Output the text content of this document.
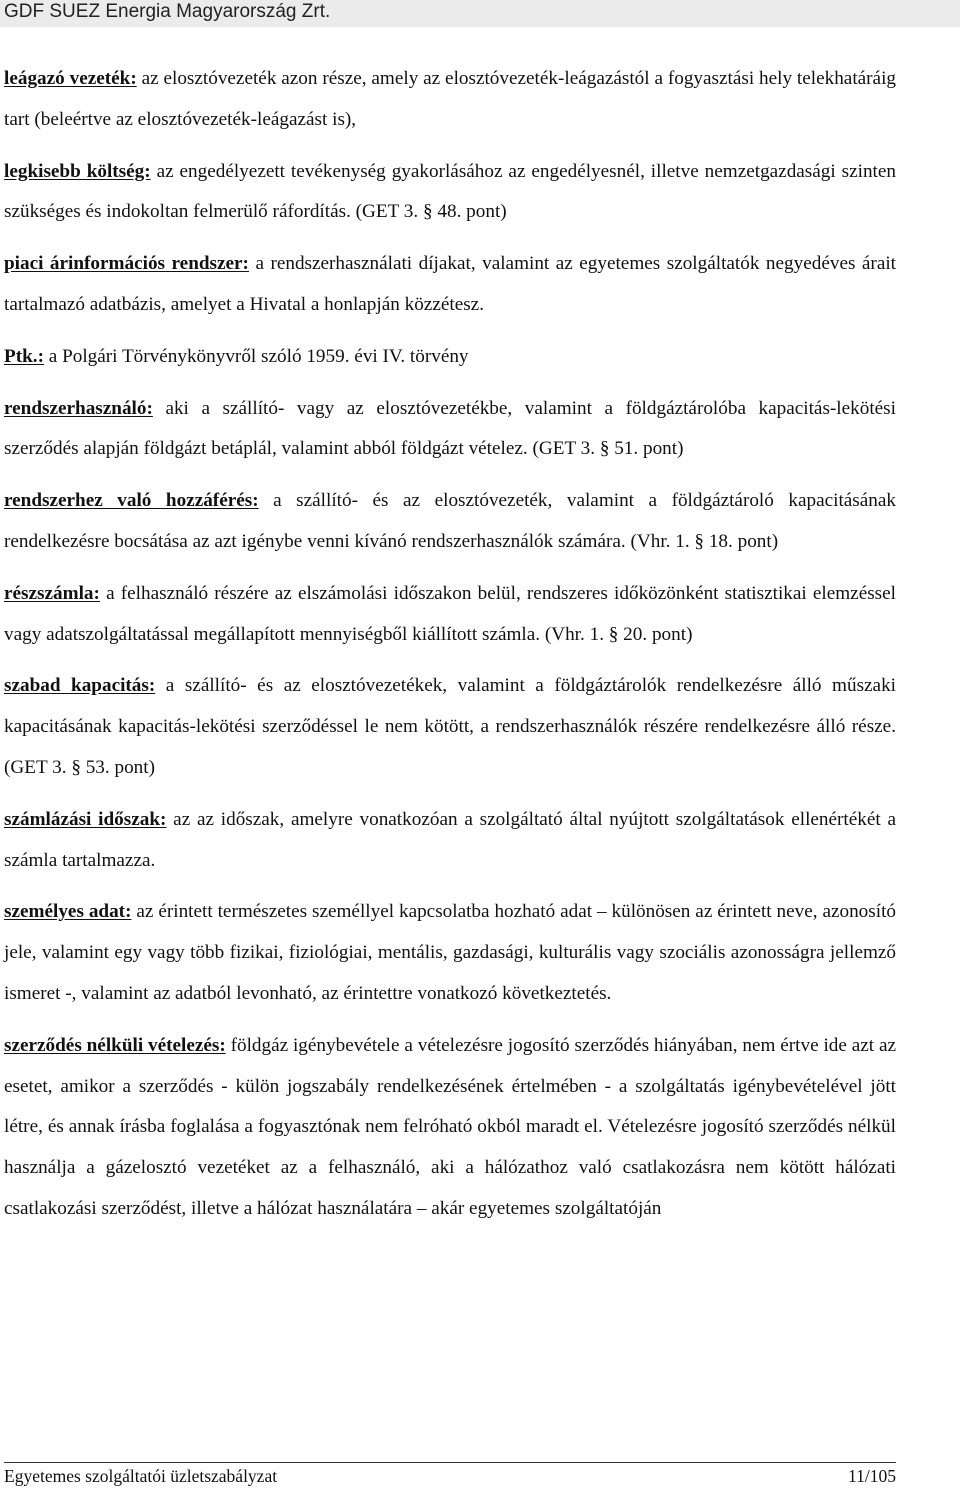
GDF SUEZ Energia Magyarország Zrt.

leágazó vezeték: az elosztóvezeték azon része, amely az elosztóvezeték-leágazástól a fogyasztási hely telekhatáráig tart (beleértve az elosztóvezeték-leágazást is),

legkisebb költség: az engedélyezett tevékenység gyakorlásához az engedélyesnél, illetve nemzetgazdasági szinten szükséges és indokoltan felmerülő ráfordítás. (GET 3. § 48. pont)

piaci árinformációs rendszer: a rendszerhasználati díjakat, valamint az egyetemes szolgáltatók negyedéves árait tartalmazó adatbázis, amelyet a Hivatal a honlapján közzétesz.

Ptk.: a Polgári Törvénykönyvről szóló 1959. évi IV. törvény

rendszerhasználó: aki a szállító- vagy az elosztóvezetékbe, valamint a földgáztárolóba kapacitás-lekötési szerződés alapján földgázt betáplál, valamint abból földgázt vételez. (GET 3. § 51. pont)

rendszerhez való hozzáférés: a szállító- és az elosztóvezeték, valamint a földgáztároló kapacitásának rendelkezésre bocsátása az azt igénybe venni kívánó rendszerhasználók számára. (Vhr. 1. § 18. pont)

részszámla: a felhasználó részére az elszámolási időszakon belül, rendszeres időközönként statisztikai elemzéssel vagy adatszolgáltatással megállapított mennyiségből kiállított számla. (Vhr. 1. § 20. pont)

szabad kapacitás: a szállító- és az elosztóvezetékek, valamint a földgáztárolók rendelkezésre álló műszaki kapacitásának kapacitás-lekötési szerződéssel le nem kötött, a rendszerhasználók részére rendelkezésre álló része. (GET 3. § 53. pont)

számlázási időszak: az az időszak, amelyre vonatkozóan a szolgáltató által nyújtott szolgáltatások ellenértékét a számla tartalmazza.

személyes adat: az érintett természetes személlyel kapcsolatba hozható adat – különösen az érintett neve, azonosító jele, valamint egy vagy több fizikai, fiziológiai, mentális, gazdasági, kulturális vagy szociális azonosságra jellemző ismeret -, valamint az adatból levonható, az érintettre vonatkozó következtetés.

szerződés nélküli vételezés: földgáz igénybevétele a vételezésre jogosító szerződés hiányában, nem értve ide azt az esetet, amikor a szerződés - külön jogszabály rendelkezésének értelmében - a szolgáltatás igénybevételével jött létre, és annak írásba foglalása a fogyasztónak nem felróható okból maradt el. Vételezésre jogosító szerződés nélkül használja a gázelosztó vezetéket az a felhasználó, aki a hálózathoz való csatlakozásra nem kötött hálózati csatlakozási szerződést, illetve a hálózat használatára – akár egyetemes szolgáltatóján

Egyetemes szolgáltatói üzletszabályzat	11/105
